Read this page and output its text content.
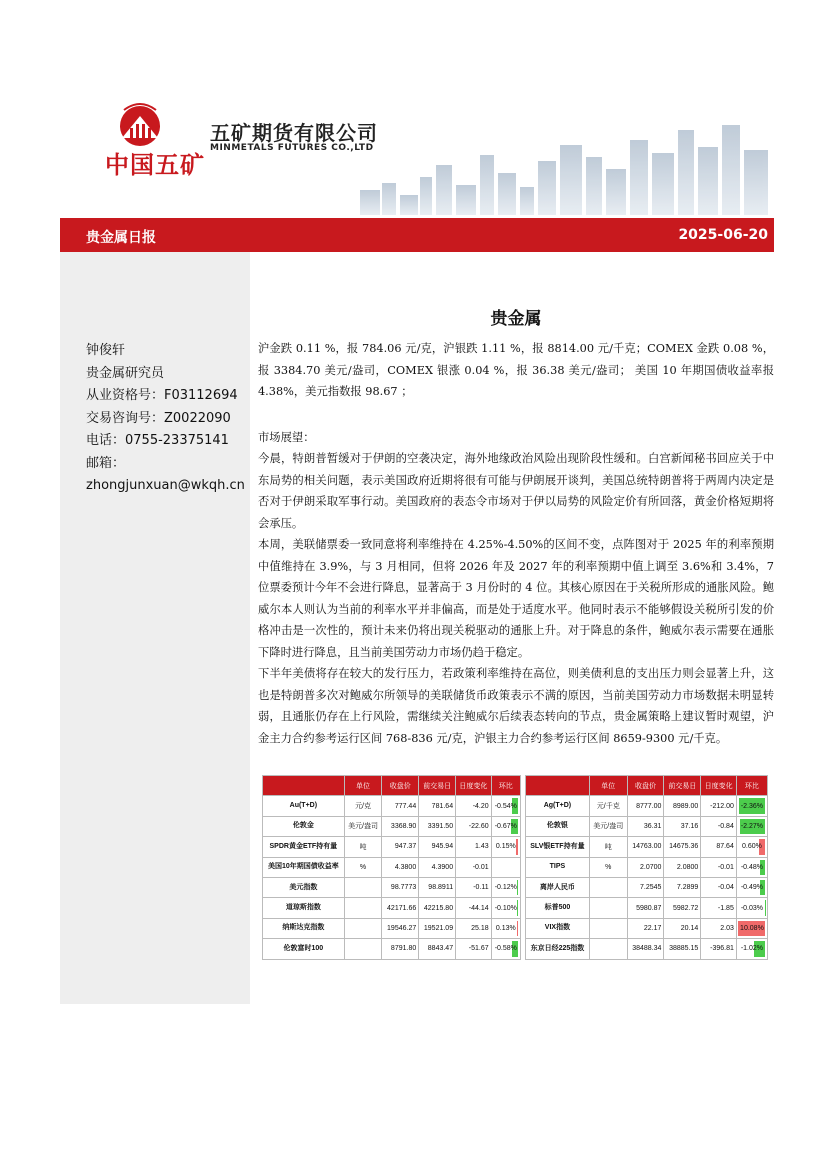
中国五矿
五矿期货有限公司
MINMETALS FUTURES CO.,LTD
贵金属日报	2025-06-20
钟俊轩
贵金属研究员
从业资格号：F03112694
交易咨询号：Z0022090
电话：0755-23375141
邮箱：
zhongjunxuan@wkqh.cn
贵金属
沪金跌 0.11 %，报 784.06 元/克，沪银跌 1.11 %，报 8814.00 元/千克；COMEX 金跌 0.08 %，报 3384.70 美元/盎司，COMEX 银涨 0.04 %，报 36.38 美元/盎司； 美国 10 年期国债收益率报 4.38%，美元指数报 98.67 ；
市场展望：
今晨，特朗普暂缓对于伊朗的空袭决定，海外地缘政治风险出现阶段性缓和。白宫新闻秘书回应关于中东局势的相关问题，表示美国政府近期将很有可能与伊朗展开谈判，美国总统特朗普将于两周内决定是否对于伊朗采取军事行动。美国政府的表态令市场对于伊以局势的风险定价有所回落，黄金价格短期将会承压。
本周，美联储票委一致同意将利率维持在 4.25%-4.50%的区间不变，点阵图对于 2025 年的利率预期中值维持在 3.9%，与 3 月相同，但将 2026 年及 2027 年的利率预期中值上调至 3.6%和 3.4%，7 位票委预计今年不会进行降息，显著高于 3 月份时的 4 位。其核心原因在于关税所形成的通胀风险。鲍威尔本人则认为当前的利率水平并非偏高，而是处于适度水平。他同时表示不能够假设关税所引发的价格冲击是一次性的，预计未来仍将出现关税驱动的通胀上升。对于降息的条件，鲍威尔表示需要在通胀下降时进行降息，且当前美国劳动力市场仍趋于稳定。
下半年美债将存在较大的发行压力，若政策利率维持在高位，则美债利息的支出压力则会显著上升，这也是特朗普多次对鲍威尔所领导的美联储货币政策表示不满的原因，当前美国劳动力市场数据未明显转弱，且通胀仍存在上行风险，需继续关注鲍威尔后续表态转向的节点，贵金属策略上建议暂时观望，沪金主力合约参考运行区间 768-836 元/克，沪银主力合约参考运行区间 8659-9300 元/千克。
	单位	收盘价	前交易日	日度变化	环比			单位	收盘价	前交易日	日度变化	环比
Au(T+D)	元/克	777.44	781.64	-4.20	-0.54%		Ag(T+D)	元/千克	8777.00	8989.00	-212.00	-2.36%
伦敦金	美元/盎司	3368.90	3391.50	-22.60	-0.67%		伦敦银	美元/盎司	36.31	37.16	-0.84	-2.27%
SPDR黄金ETF持有量	吨	947.37	945.94	1.43	0.15%		SLV银ETF持有量	吨	14763.00	14675.36	87.64	0.60%
美国10年期国债收益率	%	4.3800	4.3900	-0.01			TIPS	%	2.0700	2.0800	-0.01	-0.48%
美元指数		98.7773	98.8911	-0.11	-0.12%		离岸人民币		7.2545	7.2899	-0.04	-0.49%
道琼斯指数		42171.66	42215.80	-44.14	-0.10%		标普500		5980.87	5982.72	-1.85	-0.03%
纳斯达克指数		19546.27	19521.09	25.18	0.13%		VIX指数		22.17	20.14	2.03	10.08%
伦敦富时100		8791.80	8843.47	-51.67	-0.58%		东京日经225指数		38488.34	38885.15	-396.81	-1.02%
